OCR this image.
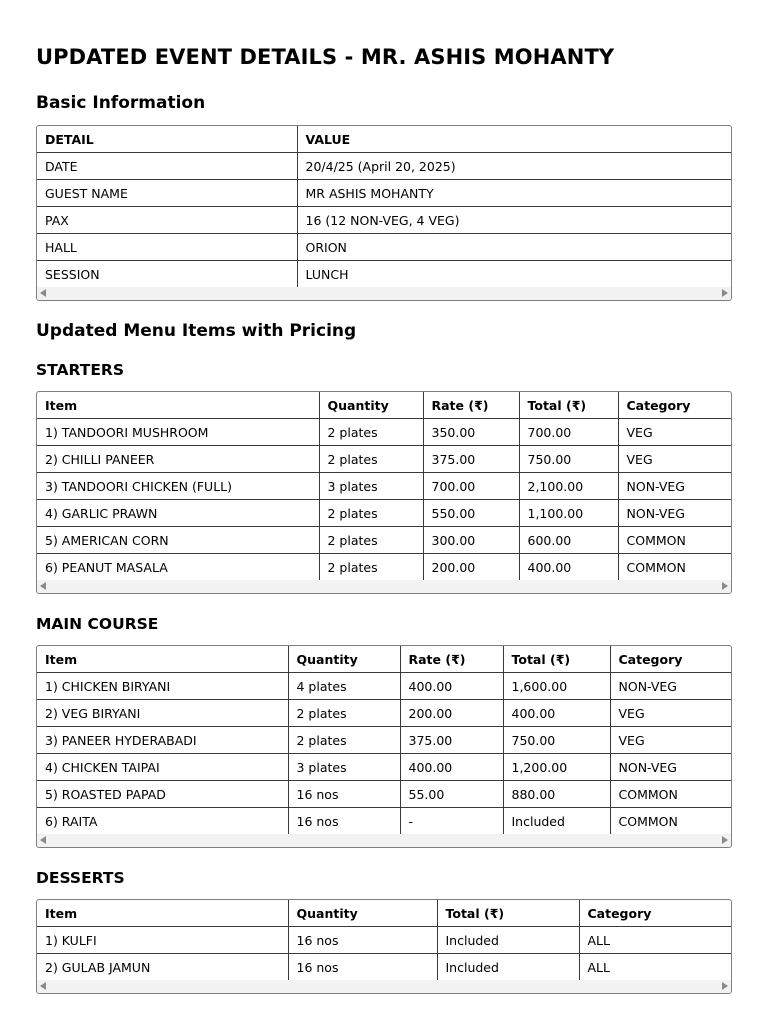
UPDATED EVENT DETAILS - MR. ASHIS MOHANTY
Basic Information
DETAIL	VALUE
DATE	20/4/25 (April 20, 2025)
GUEST NAME	MR ASHIS MOHANTY
PAX	16 (12 NON-VEG, 4 VEG)
HALL	ORION
SESSION	LUNCH
Updated Menu Items with Pricing
STARTERS
Item	Quantity	Rate (₹)	Total (₹)	Category
1) TANDOORI MUSHROOM	2 plates	350.00	700.00	VEG
2) CHILLI PANEER	2 plates	375.00	750.00	VEG
3) TANDOORI CHICKEN (FULL)	3 plates	700.00	2,100.00	NON-VEG
4) GARLIC PRAWN	2 plates	550.00	1,100.00	NON-VEG
5) AMERICAN CORN	2 plates	300.00	600.00	COMMON
6) PEANUT MASALA	2 plates	200.00	400.00	COMMON
MAIN COURSE
Item	Quantity	Rate (₹)	Total (₹)	Category
1) CHICKEN BIRYANI	4 plates	400.00	1,600.00	NON-VEG
2) VEG BIRYANI	2 plates	200.00	400.00	VEG
3) PANEER HYDERABADI	2 plates	375.00	750.00	VEG
4) CHICKEN TAIPAI	3 plates	400.00	1,200.00	NON-VEG
5) ROASTED PAPAD	16 nos	55.00	880.00	COMMON
6) RAITA	16 nos	-	Included	COMMON
DESSERTS
Item	Quantity	Total (₹)	Category
1) KULFI	16 nos	Included	ALL
2) GULAB JAMUN	16 nos	Included	ALL
